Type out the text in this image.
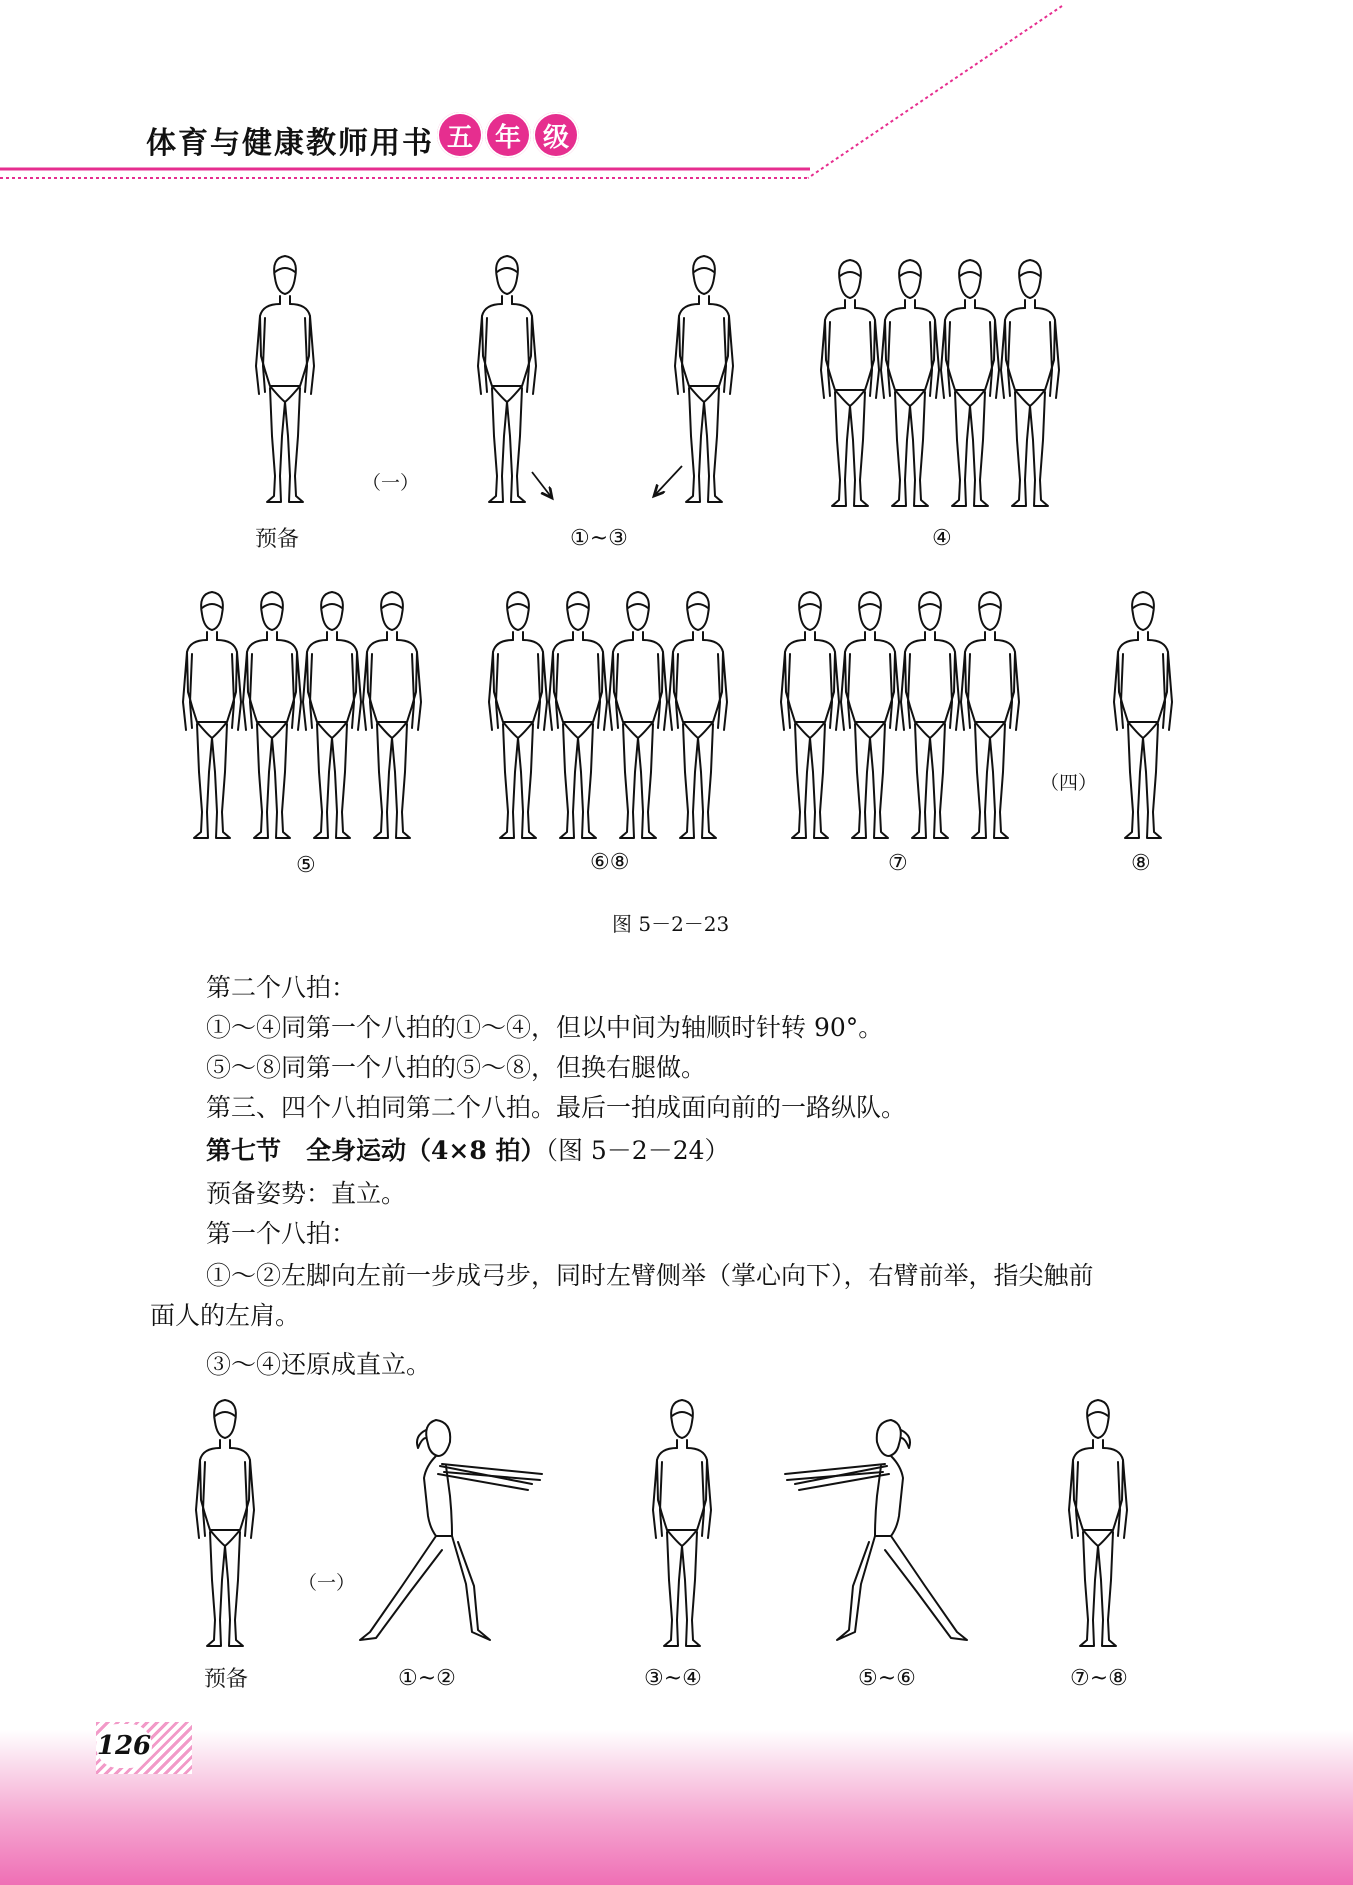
体育与健康教师用书 五 年 级
预备	①~③	④
（一）
⑤	⑥⑧	⑦	⑧
（四）
图 5－2－23
第二个八拍：
①～④同第一个八拍的①～④，但以中间为轴顺时针转 90°。
⑤～⑧同第一个八拍的⑤～⑧，但换右腿做。
第三、四个八拍同第二个八拍。最后一拍成面向前的一路纵队。
第七节　全身运动（4×8 拍）（图 5－2－24）
预备姿势：直立。
第一个八拍：
①～②左脚向左前一步成弓步，同时左臂侧举（掌心向下），右臂前举，指尖触前
面人的左肩。
③～④还原成直立。
（一）
预备	①~②	③~④	⑤~⑥	⑦~⑧
126
